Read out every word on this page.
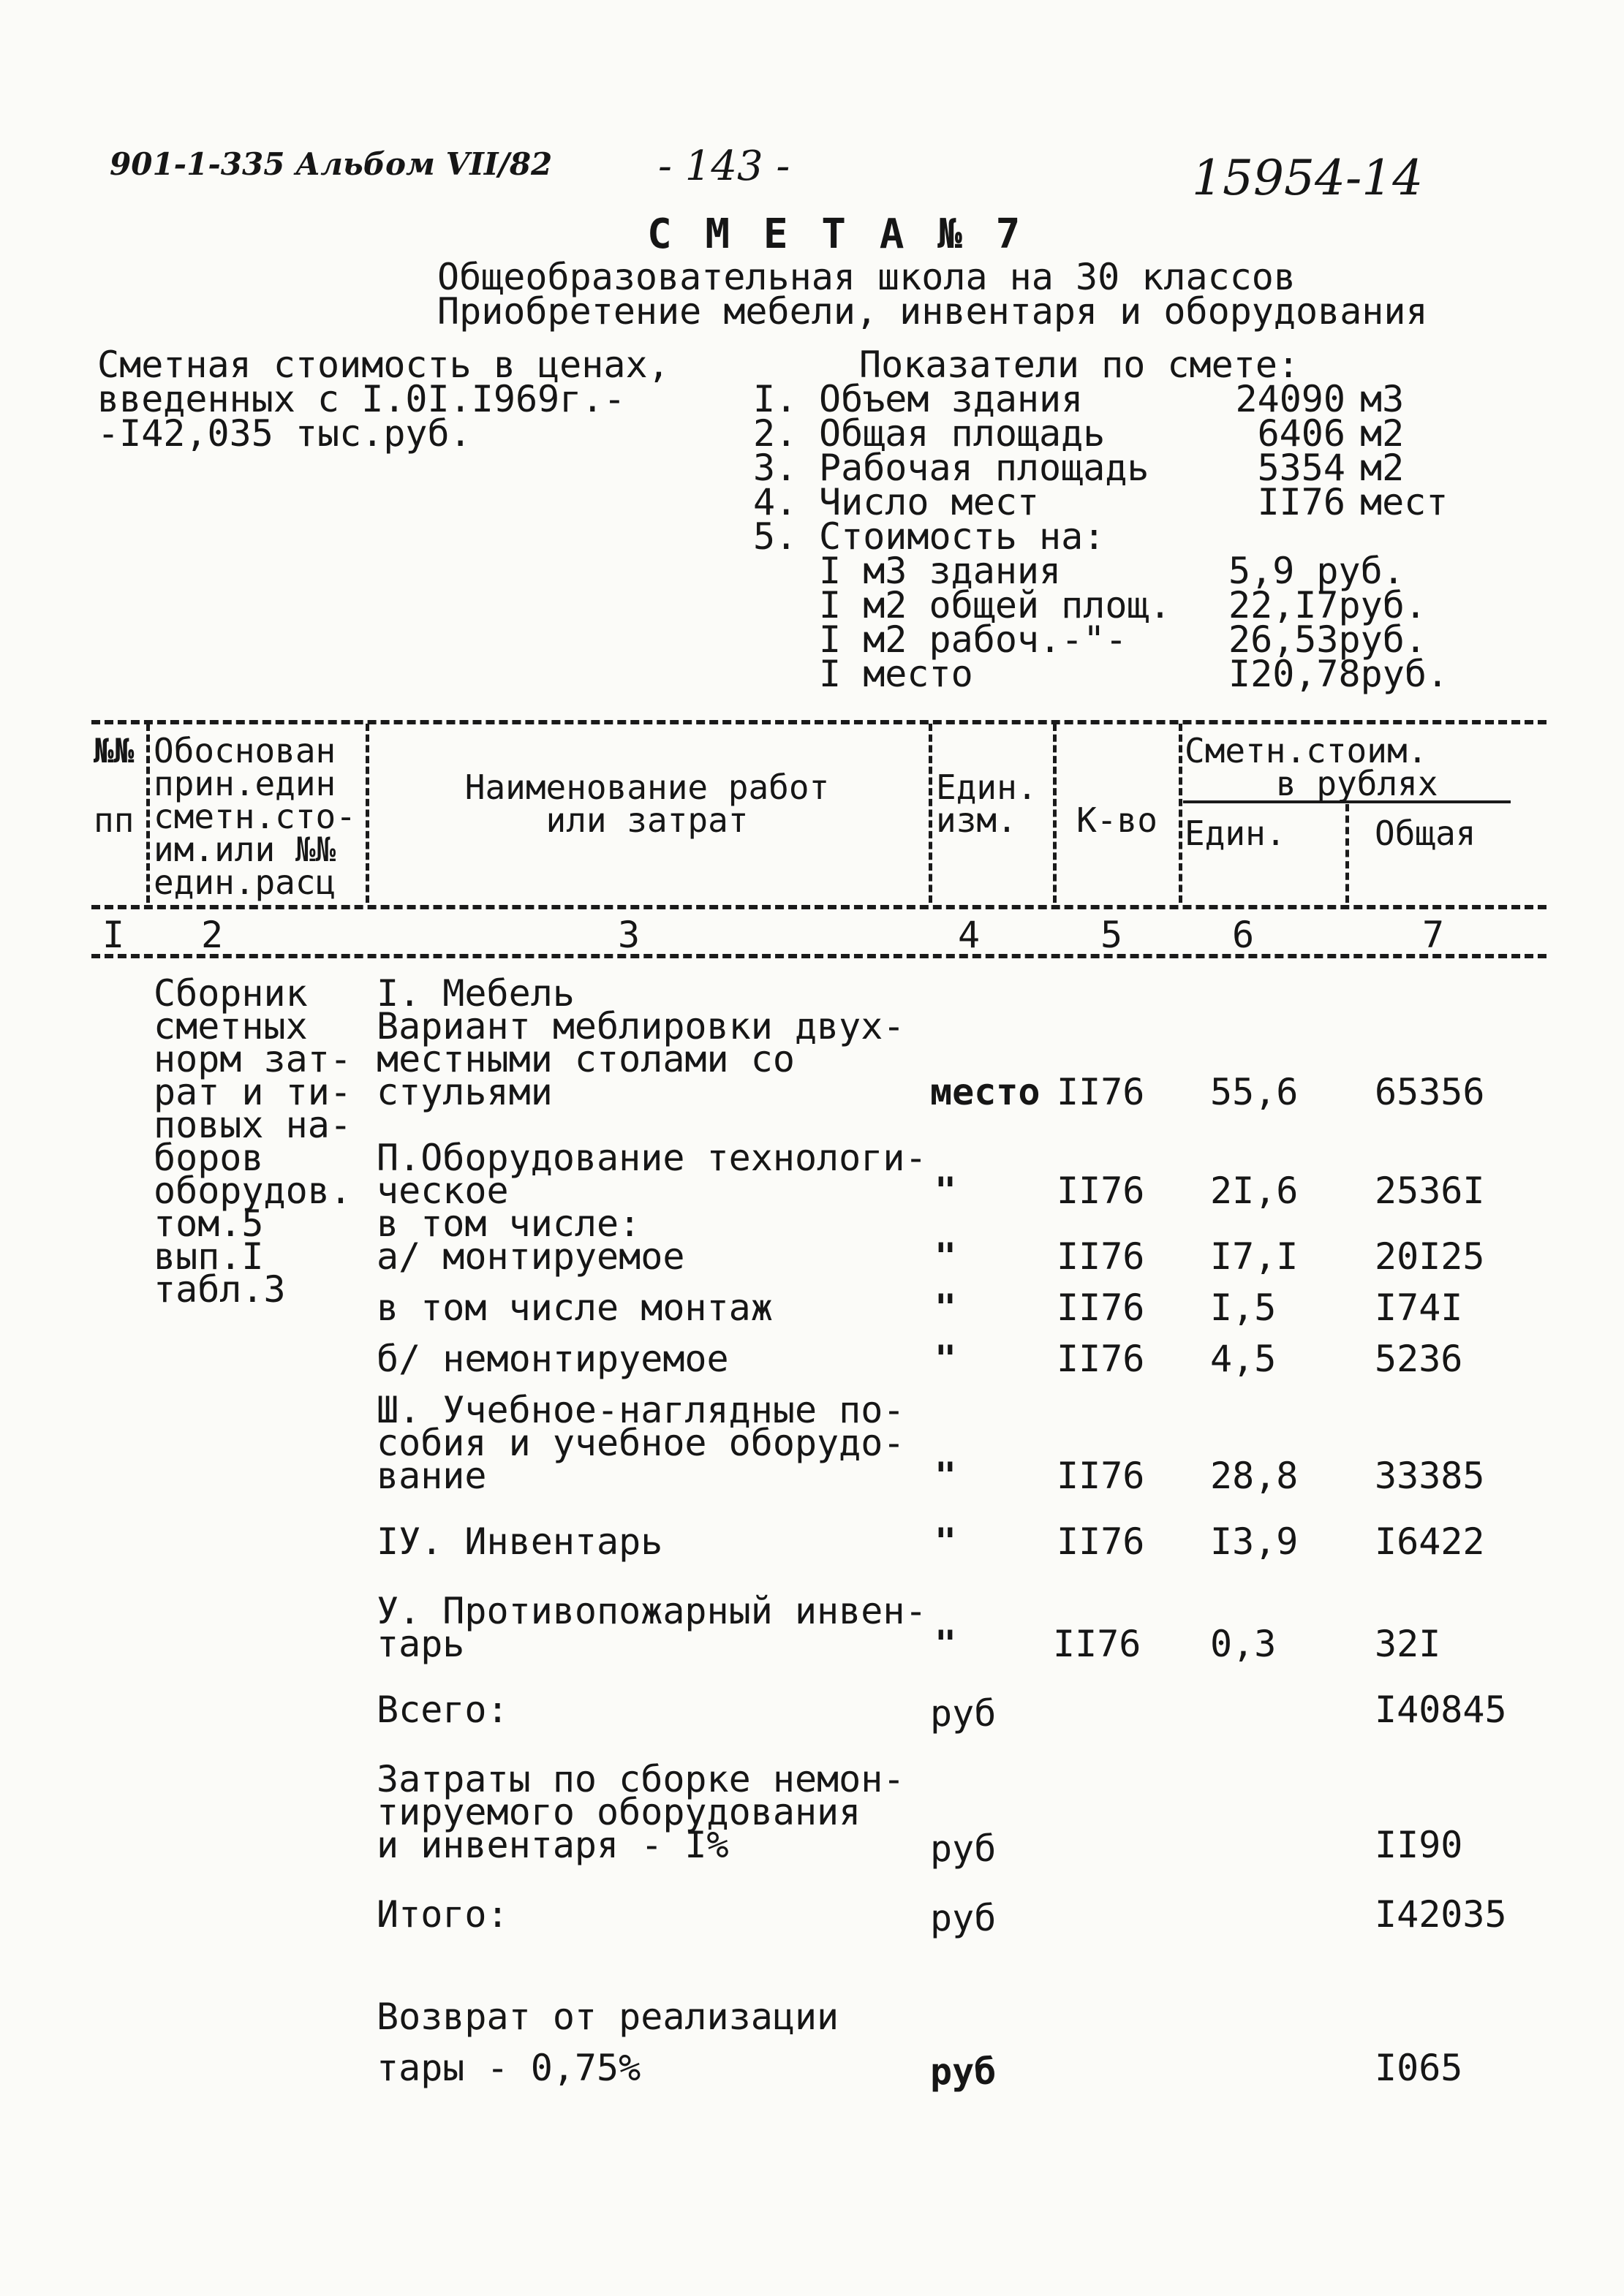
901-1-335 Альбом VII/82	- 143 -	15954-14
С М Е Т А № 7
Общеобразовательная школа на 30 классов
Приобретение мебели, инвентаря и оборудования
Сметная стоимость в ценах,
введенных с I.0I.I969г.-
-I42,035 тыс.руб.
Показатели по смете:
I. Объем здания	24090 м3
2. Общая площадь	6406 м2
3. Рабочая площадь	5354 м2
4. Число мест	II76 мест
5. Стоимость на:
I м3 здания	5,9 руб.
I м2 общей площ. 22,I7руб.
I м2 рабоч.-"-	26,53руб.
I место	I20,78руб.
№№
пп
Обоснован
прин.един
сметн.сто-
им.или №№
един.расц
Наименование работ
или затрат
Един.
изм.	К-во
Сметн.стоим.
в рублях
Един.	Общая
I	2	3	4	5	6	7
Сборник
сметных
норм зат-
рат и ти-
повых на-
боров
оборудов.
том.5
вып.I
табл.3
I. Мебель
Вариант меблировки двух-
местными столами со
стульями	место II76 55,6 65356
П.Оборудование технологи-
ческое	"	II76 2I,6 2536I
в том числе:
а/ монтируемое	"	II76 I7,I 20I25
в том числе монтаж	"	II76 I,5	I74I
б/ немонтируемое	"	II76 4,5	5236
Ш. Учебное-наглядные по-
собия и учебное оборудо-
вание	"	II76 28,8 33385
IУ. Инвентарь	"	II76 I3,9 I6422
У. Противопожарный инвен-
тарь	"	II76 0,3	32I
Всего:	руб	I40845
Затраты по сборке немон-
тируемого оборудования
и инвентаря - I%	руб	II90
Итого:	руб	I42035
Возврат от реализации
тары - 0,75%	руб	I065
